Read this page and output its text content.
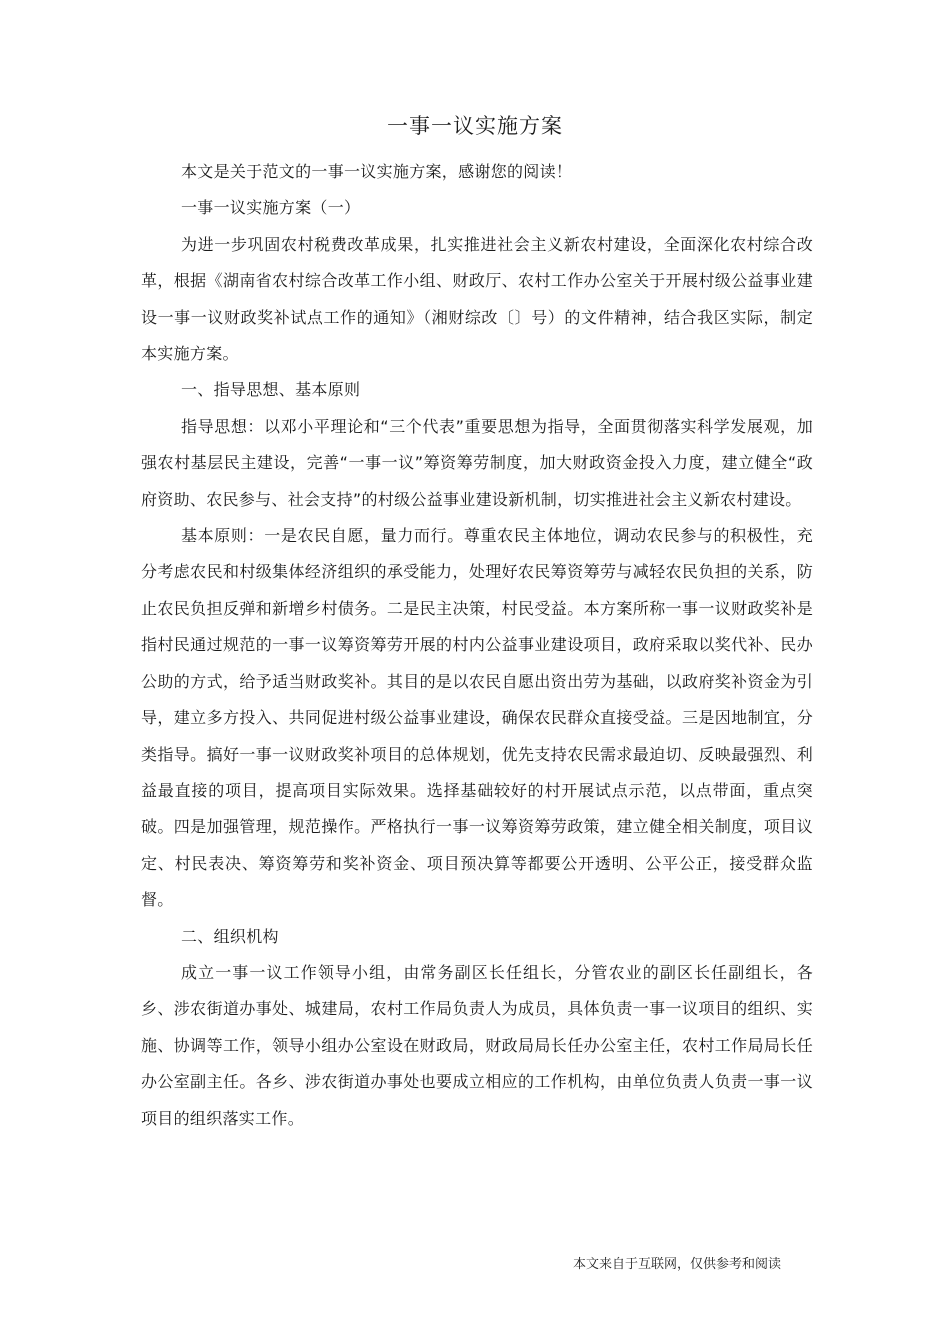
一事一议实施方案

本文是关于范文的一事一议实施方案，感谢您的阅读！

一事一议实施方案（一）

为进一步巩固农村税费改革成果，扎实推进社会主义新农村建设，全面深化农村综合改革，根据《湖南省农村综合改革工作小组、财政厅、农村工作办公室关于开展村级公益事业建设一事一议财政奖补试点工作的通知》（湘财综改〔〕号）的文件精神，结合我区实际，制定本实施方案。

一、指导思想、基本原则

指导思想：以邓小平理论和“三个代表”重要思想为指导，全面贯彻落实科学发展观，加强农村基层民主建设，完善“一事一议”筹资筹劳制度，加大财政资金投入力度，建立健全“政府资助、农民参与、社会支持”的村级公益事业建设新机制，切实推进社会主义新农村建设。

基本原则：一是农民自愿，量力而行。尊重农民主体地位，调动农民参与的积极性，充分考虑农民和村级集体经济组织的承受能力，处理好农民筹资筹劳与减轻农民负担的关系，防止农民负担反弹和新增乡村债务。二是民主决策，村民受益。本方案所称一事一议财政奖补是指村民通过规范的一事一议筹资筹劳开展的村内公益事业建设项目，政府采取以奖代补、民办公助的方式，给予适当财政奖补。其目的是以农民自愿出资出劳为基础，以政府奖补资金为引导，建立多方投入、共同促进村级公益事业建设，确保农民群众直接受益。三是因地制宜，分类指导。搞好一事一议财政奖补项目的总体规划，优先支持农民需求最迫切、反映最强烈、利益最直接的项目，提高项目实际效果。选择基础较好的村开展试点示范，以点带面，重点突破。四是加强管理，规范操作。严格执行一事一议筹资筹劳政策，建立健全相关制度，项目议定、村民表决、筹资筹劳和奖补资金、项目预决算等都要公开透明、公平公正，接受群众监督。

二、组织机构

成立一事一议工作领导小组，由常务副区长任组长，分管农业的副区长任副组长，各乡、涉农街道办事处、城建局，农村工作局负责人为成员，具体负责一事一议项目的组织、实施、协调等工作，领导小组办公室设在财政局，财政局局长任办公室主任，农村工作局局长任办公室副主任。各乡、涉农街道办事处也要成立相应的工作机构，由单位负责人负责一事一议项目的组织落实工作。

本文来自于互联网，仅供参考和阅读
